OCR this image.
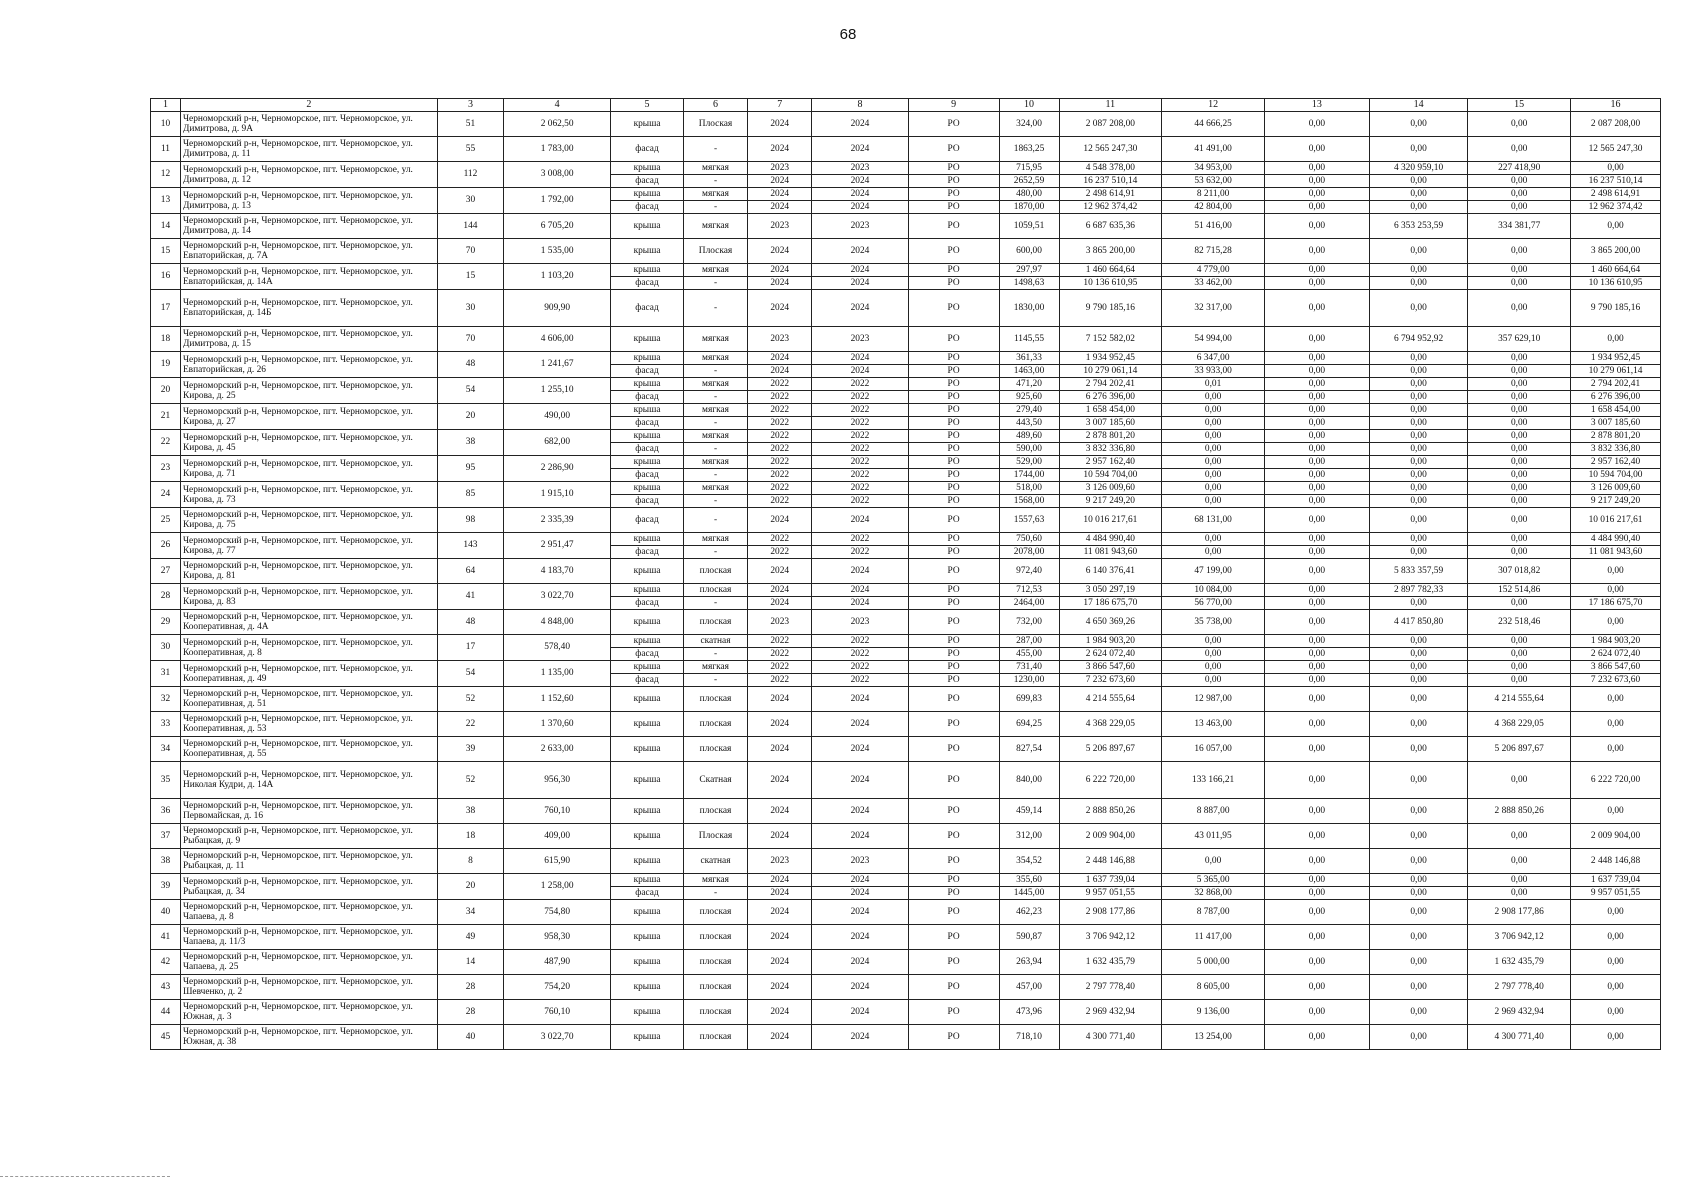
68
1	2	3	4	5	6	7	8	9	10	11	12	13	14	15	16
10	Черноморский р-н, Черноморское, пгт. Черноморское, ул. Димитрова, д. 9А	51	2 062,50	крыша	Плоская	2024	2024	РО	324,00	2 087 208,00	44 666,25	0,00	0,00	0,00	2 087 208,00
11	Черноморский р-н, Черноморское, пгт. Черноморское, ул. Димитрова, д. 11	55	1 783,00	фасад	-	2024	2024	РО	1863,25	12 565 247,30	41 491,00	0,00	0,00	0,00	12 565 247,30
12	Черноморский р-н, Черноморское, пгт. Черноморское, ул. Димитрова, д. 12	112	3 008,00	крыша	мягкая	2023	2023	РО	715,95	4 548 378,00	34 953,00	0,00	4 320 959,10	227 418,90	0,00
				фасад	-	2024	2024	РО	2652,59	16 237 510,14	53 632,00	0,00	0,00	0,00	16 237 510,14
13	Черноморский р-н, Черноморское, пгт. Черноморское, ул. Димитрова, д. 13	30	1 792,00	крыша	мягкая	2024	2024	РО	480,00	2 498 614,91	8 211,00	0,00	0,00	0,00	2 498 614,91
				фасад	-	2024	2024	РО	1870,00	12 962 374,42	42 804,00	0,00	0,00	0,00	12 962 374,42
14	Черноморский р-н, Черноморское, пгт. Черноморское, ул. Димитрова, д. 14	144	6 705,20	крыша	мягкая	2023	2023	РО	1059,51	6 687 635,36	51 416,00	0,00	6 353 253,59	334 381,77	0,00
15	Черноморский р-н, Черноморское, пгт. Черноморское, ул. Евпаторийская, д. 7А	70	1 535,00	крыша	Плоская	2024	2024	РО	600,00	3 865 200,00	82 715,28	0,00	0,00	0,00	3 865 200,00
16	Черноморский р-н, Черноморское, пгт. Черноморское, ул. Евпаторийская, д. 14А	15	1 103,20	крыша	мягкая	2024	2024	РО	297,97	1 460 664,64	4 779,00	0,00	0,00	0,00	1 460 664,64
				фасад	-	2024	2024	РО	1498,63	10 136 610,95	33 462,00	0,00	0,00	0,00	10 136 610,95
17	Черноморский р-н, Черноморское, пгт. Черноморское, ул. Евпаторийская, д. 14Б	30	909,90	фасад	-	2024	2024	РО	1830,00	9 790 185,16	32 317,00	0,00	0,00	0,00	9 790 185,16
18	Черноморский р-н, Черноморское, пгт. Черноморское, ул. Димитрова, д. 15	70	4 606,00	крыша	мягкая	2023	2023	РО	1145,55	7 152 582,02	54 994,00	0,00	6 794 952,92	357 629,10	0,00
19	Черноморский р-н, Черноморское, пгт. Черноморское, ул. Евпаторийская, д. 26	48	1 241,67	крыша	мягкая	2024	2024	РО	361,33	1 934 952,45	6 347,00	0,00	0,00	0,00	1 934 952,45
				фасад	-	2024	2024	РО	1463,00	10 279 061,14	33 933,00	0,00	0,00	0,00	10 279 061,14
20	Черноморский р-н, Черноморское, пгт. Черноморское, ул. Кирова, д. 25	54	1 255,10	крыша	мягкая	2022	2022	РО	471,20	2 794 202,41	0,01	0,00	0,00	0,00	2 794 202,41
				фасад	-	2022	2022	РО	925,60	6 276 396,00	0,00	0,00	0,00	0,00	6 276 396,00
21	Черноморский р-н, Черноморское, пгт. Черноморское, ул. Кирова, д. 27	20	490,00	крыша	мягкая	2022	2022	РО	279,40	1 658 454,00	0,00	0,00	0,00	0,00	1 658 454,00
				фасад	-	2022	2022	РО	443,50	3 007 185,60	0,00	0,00	0,00	0,00	3 007 185,60
22	Черноморский р-н, Черноморское, пгт. Черноморское, ул. Кирова, д. 45	38	682,00	крыша	мягкая	2022	2022	РО	489,60	2 878 801,20	0,00	0,00	0,00	0,00	2 878 801,20
				фасад	-	2022	2022	РО	590,00	3 832 336,80	0,00	0,00	0,00	0,00	3 832 336,80
23	Черноморский р-н, Черноморское, пгт. Черноморское, ул. Кирова, д. 71	95	2 286,90	крыша	мягкая	2022	2022	РО	529,00	2 957 162,40	0,00	0,00	0,00	0,00	2 957 162,40
				фасад	-	2022	2022	РО	1744,00	10 594 704,00	0,00	0,00	0,00	0,00	10 594 704,00
24	Черноморский р-н, Черноморское, пгт. Черноморское, ул. Кирова, д. 73	85	1 915,10	крыша	мягкая	2022	2022	РО	518,00	3 126 009,60	0,00	0,00	0,00	0,00	3 126 009,60
				фасад	-	2022	2022	РО	1568,00	9 217 249,20	0,00	0,00	0,00	0,00	9 217 249,20
25	Черноморский р-н, Черноморское, пгт. Черноморское, ул. Кирова, д. 75	98	2 335,39	фасад	-	2024	2024	РО	1557,63	10 016 217,61	68 131,00	0,00	0,00	0,00	10 016 217,61
26	Черноморский р-н, Черноморское, пгт. Черноморское, ул. Кирова, д. 77	143	2 951,47	крыша	мягкая	2022	2022	РО	750,60	4 484 990,40	0,00	0,00	0,00	0,00	4 484 990,40
				фасад	-	2022	2022	РО	2078,00	11 081 943,60	0,00	0,00	0,00	0,00	11 081 943,60
27	Черноморский р-н, Черноморское, пгт. Черноморское, ул. Кирова, д. 81	64	4 183,70	крыша	плоская	2024	2024	РО	972,40	6 140 376,41	47 199,00	0,00	5 833 357,59	307 018,82	0,00
28	Черноморский р-н, Черноморское, пгт. Черноморское, ул. Кирова, д. 83	41	3 022,70	крыша	плоская	2024	2024	РО	712,53	3 050 297,19	10 084,00	0,00	2 897 782,33	152 514,86	0,00
				фасад	-	2024	2024	РО	2464,00	17 186 675,70	56 770,00	0,00	0,00	0,00	17 186 675,70
29	Черноморский р-н, Черноморское, пгт. Черноморское, ул. Кооперативная, д. 4А	48	4 848,00	крыша	плоская	2023	2023	РО	732,00	4 650 369,26	35 738,00	0,00	4 417 850,80	232 518,46	0,00
30	Черноморский р-н, Черноморское, пгт. Черноморское, ул. Кооперативная, д. 8	17	578,40	крыша	скатная	2022	2022	РО	287,00	1 984 903,20	0,00	0,00	0,00	0,00	1 984 903,20
				фасад	-	2022	2022	РО	455,00	2 624 072,40	0,00	0,00	0,00	0,00	2 624 072,40
31	Черноморский р-н, Черноморское, пгт. Черноморское, ул. Кооперативная, д. 49	54	1 135,00	крыша	мягкая	2022	2022	РО	731,40	3 866 547,60	0,00	0,00	0,00	0,00	3 866 547,60
				фасад	-	2022	2022	РО	1230,00	7 232 673,60	0,00	0,00	0,00	0,00	7 232 673,60
32	Черноморский р-н, Черноморское, пгт. Черноморское, ул. Кооперативная, д. 51	52	1 152,60	крыша	плоская	2024	2024	РО	699,83	4 214 555,64	12 987,00	0,00	0,00	4 214 555,64	0,00
33	Черноморский р-н, Черноморское, пгт. Черноморское, ул. Кооперативная, д. 53	22	1 370,60	крыша	плоская	2024	2024	РО	694,25	4 368 229,05	13 463,00	0,00	0,00	4 368 229,05	0,00
34	Черноморский р-н, Черноморское, пгт. Черноморское, ул. Кооперативная, д. 55	39	2 633,00	крыша	плоская	2024	2024	РО	827,54	5 206 897,67	16 057,00	0,00	0,00	5 206 897,67	0,00
35	Черноморский р-н, Черноморское, пгт. Черноморское, ул. Николая Кудри, д. 14А	52	956,30	крыша	Скатная	2024	2024	РО	840,00	6 222 720,00	133 166,21	0,00	0,00	0,00	6 222 720,00
36	Черноморский р-н, Черноморское, пгт. Черноморское, ул. Первомайская, д. 16	38	760,10	крыша	плоская	2024	2024	РО	459,14	2 888 850,26	8 887,00	0,00	0,00	2 888 850,26	0,00
37	Черноморский р-н, Черноморское, пгт. Черноморское, ул. Рыбацкая, д. 9	18	409,00	крыша	Плоская	2024	2024	РО	312,00	2 009 904,00	43 011,95	0,00	0,00	0,00	2 009 904,00
38	Черноморский р-н, Черноморское, пгт. Черноморское, ул. Рыбацкая, д. 11	8	615,90	крыша	скатная	2023	2023	РО	354,52	2 448 146,88	0,00	0,00	0,00	0,00	2 448 146,88
39	Черноморский р-н, Черноморское, пгт. Черноморское, ул. Рыбацкая, д. 34	20	1 258,00	крыша	мягкая	2024	2024	РО	355,60	1 637 739,04	5 365,00	0,00	0,00	0,00	1 637 739,04
				фасад	-	2024	2024	РО	1445,00	9 957 051,55	32 868,00	0,00	0,00	0,00	9 957 051,55
40	Черноморский р-н, Черноморское, пгт. Черноморское, ул. Чапаева, д. 8	34	754,80	крыша	плоская	2024	2024	РО	462,23	2 908 177,86	8 787,00	0,00	0,00	2 908 177,86	0,00
41	Черноморский р-н, Черноморское, пгт. Черноморское, ул. Чапаева, д. 11/3	49	958,30	крыша	плоская	2024	2024	РО	590,87	3 706 942,12	11 417,00	0,00	0,00	3 706 942,12	0,00
42	Черноморский р-н, Черноморское, пгт. Черноморское, ул. Чапаева, д. 25	14	487,90	крыша	плоская	2024	2024	РО	263,94	1 632 435,79	5 000,00	0,00	0,00	1 632 435,79	0,00
43	Черноморский р-н, Черноморское, пгт. Черноморское, ул. Шевченко, д. 2	28	754,20	крыша	плоская	2024	2024	РО	457,00	2 797 778,40	8 605,00	0,00	0,00	2 797 778,40	0,00
44	Черноморский р-н, Черноморское, пгт. Черноморское, ул. Южная, д. 3	28	760,10	крыша	плоская	2024	2024	РО	473,96	2 969 432,94	9 136,00	0,00	0,00	2 969 432,94	0,00
45	Черноморский р-н, Черноморское, пгт. Черноморское, ул. Южная, д. 38	40	3 022,70	крыша	плоская	2024	2024	РО	718,10	4 300 771,40	13 254,00	0,00	0,00	4 300 771,40	0,00
